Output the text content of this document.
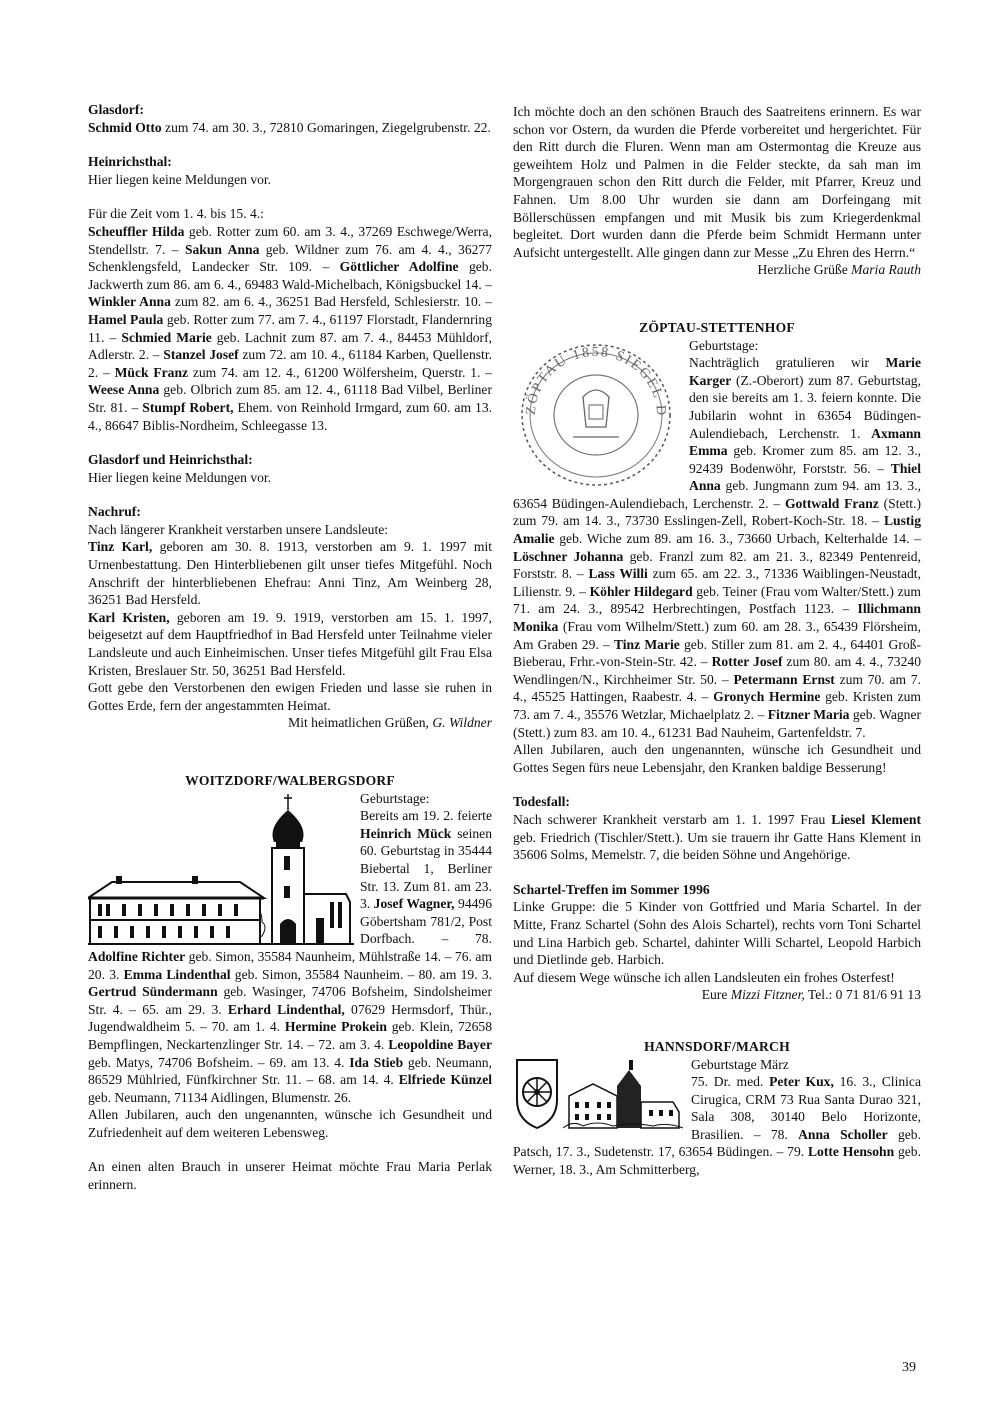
Glasdorf:

Schmid Otto zum 74. am 30. 3., 72810 Gomaringen, Ziegelgrubenstr. 22.

Heinrichsthal:

Hier liegen keine Meldungen vor.

Für die Zeit vom 1. 4. bis 15. 4.:

Scheuffler Hilda geb. Rotter zum 60. am 3. 4., 37269 Eschwege/Werra, Stendellstr. 7. – Sakun Anna geb. Wildner zum 76. am 4. 4., 36277 Schenklengsfeld, Landecker Str. 109. – Göttlicher Adolfine geb. Jackwerth zum 86. am 6. 4., 69483 Wald-Michelbach, Königsbuckel 14. – Winkler Anna zum 82. am 6. 4., 36251 Bad Hersfeld, Schlesierstr. 10. – Hamel Paula geb. Rotter zum 77. am 7. 4., 61197 Florstadt, Flandernring 11. – Schmied Marie geb. Lachnit zum 87. am 7. 4., 84453 Mühldorf, Adlerstr. 2. – Stanzel Josef zum 72. am 10. 4., 61184 Karben, Quellenstr. 2. – Mück Franz zum 74. am 12. 4., 61200 Wölfersheim, Querstr. 1. – Weese Anna geb. Olbrich zum 85. am 12. 4., 61118 Bad Vilbel, Berliner Str. 81. – Stumpf Robert, Ehem. von Reinhold Irmgard, zum 60. am 13. 4., 86647 Biblis-Nordheim, Schleegasse 13.

Glasdorf und Heinrichsthal:

Hier liegen keine Meldungen vor.

Nachruf:

Nach längerer Krankheit verstarben unsere Landsleute:

Tinz Karl, geboren am 30. 8. 1913, verstorben am 9. 1. 1997 mit Urnenbestattung. Den Hinterbliebenen gilt unser tiefes Mitgefühl. Noch Anschrift der hinterbliebenen Ehefrau: Anni Tinz, Am Weinberg 28, 36251 Bad Hersfeld.

Karl Kristen, geboren am 19. 9. 1919, verstorben am 15. 1. 1997, beigesetzt auf dem Hauptfriedhof in Bad Hersfeld unter Teilnahme vieler Landsleute und auch Einheimischen. Unser tiefes Mitgefühl gilt Frau Elsa Kristen, Breslauer Str. 50, 36251 Bad Hersfeld.

Gott gebe den Verstorbenen den ewigen Frieden und lasse sie ruhen in Gottes Erde, fern der angestammten Heimat.

Mit heimatlichen Grüßen, G. Wildner

WOITZDORF/WALBERGSDORF

Geburtstage:

Bereits am 19. 2. feierte Heinrich Mück seinen 60. Geburtstag in 35444 Biebertal 1, Berliner Str. 13. Zum 81. am 23. 3. Josef Wagner, 94496 Göbertsham 781/2, Post Dorfbach. – 78. Adolfine Richter geb. Simon, 35584 Naunheim, Mühlstraße 14. – 76. am 20. 3. Emma Lindenthal geb. Simon, 35584 Naunheim. – 80. am 19. 3. Gertrud Sündermann geb. Wasinger, 74706 Bofsheim, Sindolsheimer Str. 4. – 65. am 29. 3. Erhard Lindenthal, 07629 Hermsdorf, Thür., Jugendwaldheim 5. – 70. am 1. 4. Hermine Prokein geb. Klein, 72658 Bempflingen, Neckartenzlinger Str. 14. – 72. am 3. 4. Leopoldine Bayer geb. Matys, 74706 Bofsheim. – 69. am 13. 4. Ida Stieb geb. Neumann, 86529 Mühlried, Fünfkirchner Str. 11. – 68. am 14. 4. Elfriede Künzel geb. Neumann, 71134 Aidlingen, Blumenstr. 26.

Allen Jubilaren, auch den ungenannten, wünsche ich Gesundheit und Zufriedenheit auf dem weiteren Lebensweg.

An einen alten Brauch in unserer Heimat möchte Frau Maria Perlak erinnern.

Ich möchte doch an den schönen Brauch des Saatreitens erinnern. Es war schon vor Ostern, da wurden die Pferde vorbereitet und hergerichtet. Für den Ritt durch die Fluren. Wenn man am Ostermontag die Kreuze aus geweihtem Holz und Palmen in die Felder steckte, da sah man im Morgengrauen schon den Ritt durch die Felder, mit Pfarrer, Kreuz und Fahnen. Um 8.00 Uhr wurden sie dann am Dorfeingang mit Böllerschüssen empfangen und mit Musik bis zum Kriegerdenkmal begleitet. Dort wurden dann die Pferde beim Schmidt Hermann unter Aufsicht untergestellt. Alle gingen dann zur Messe „Zu Ehren des Herrn.“

Herzliche Grüße Maria Rauth

ZÖPTAU-STETTENHOF

ZÖPTAU 1858 SIEGEL D

Geburtstage:

Nachträglich gratulieren wir Marie Karger (Z.-Oberort) zum 87. Geburtstag, den sie bereits am 1. 3. feiern konnte. Die Jubilarin wohnt in 63654 Büdingen-Aulendiebach, Lerchenstr. 1. Axmann Emma geb. Kromer zum 85. am 12. 3., 92439 Bodenwöhr, Forststr. 56. – Thiel Anna geb. Jungmann zum 94. am 13. 3., 63654 Büdingen-Aulendiebach, Lerchenstr. 2. – Gottwald Franz (Stett.) zum 79. am 14. 3., 73730 Esslingen-Zell, Robert-Koch-Str. 18. – Lustig Amalie geb. Wiche zum 89. am 16. 3., 73660 Urbach, Kelterhalde 14. – Löschner Johanna geb. Franzl zum 82. am 21. 3., 82349 Pentenreid, Forststr. 8. – Lass Willi zum 65. am 22. 3., 71336 Waiblingen-Neustadt, Lilienstr. 9. – Köhler Hildegard geb. Teiner (Frau vom Walter/Stett.) zum 71. am 24. 3., 89542 Herbrechtingen, Postfach 1123. – Illichmann Monika (Frau vom Wilhelm/Stett.) zum 60. am 28. 3., 65439 Flörsheim, Am Graben 29. – Tinz Marie geb. Stiller zum 81. am 2. 4., 64401 Groß-Bieberau, Frhr.-von-Stein-Str. 42. – Rotter Josef zum 80. am 4. 4., 73240 Wendlingen/N., Kirchheimer Str. 50. – Petermann Ernst zum 70. am 7. 4., 45525 Hattingen, Raabestr. 4. – Gronych Hermine geb. Kristen zum 73. am 7. 4., 35576 Wetzlar, Michaelplatz 2. – Fitzner Maria geb. Wagner (Stett.) zum 83. am 10. 4., 61231 Bad Nauheim, Gartenfeldstr. 7.

Allen Jubilaren, auch den ungenannten, wünsche ich Gesundheit und Gottes Segen fürs neue Lebensjahr, den Kranken baldige Besserung!

Todesfall:

Nach schwerer Krankheit verstarb am 1. 1. 1997 Frau Liesel Klement geb. Friedrich (Tischler/Stett.). Um sie trauern ihr Gatte Hans Klement in 35606 Solms, Memelstr. 7, die beiden Söhne und Angehörige.

Schartel-Treffen im Sommer 1996

Linke Gruppe: die 5 Kinder von Gottfried und Maria Schartel. In der Mitte, Franz Schartel (Sohn des Alois Schartel), rechts vorn Toni Schartel und Lina Harbich geb. Schartel, dahinter Willi Schartel, Leopold Harbich und Dietlinde geb. Harbich.

Auf diesem Wege wünsche ich allen Landsleuten ein frohes Osterfest!

Eure Mizzi Fitzner, Tel.: 0 71 81/6 91 13

HANNSDORF/MARCH

Geburtstage März

75. Dr. med. Peter Kux, 16. 3., Clinica Cirugica, CRM 73 Rua Santa Durao 321, Sala 308, 30140 Belo Horizonte, Brasilien. – 78. Anna Scholler geb. Patsch, 17. 3., Sudetenstr. 17, 63654 Büdingen. – 79. Lotte Hensohn geb. Werner, 18. 3., Am Schmitterberg,

39
